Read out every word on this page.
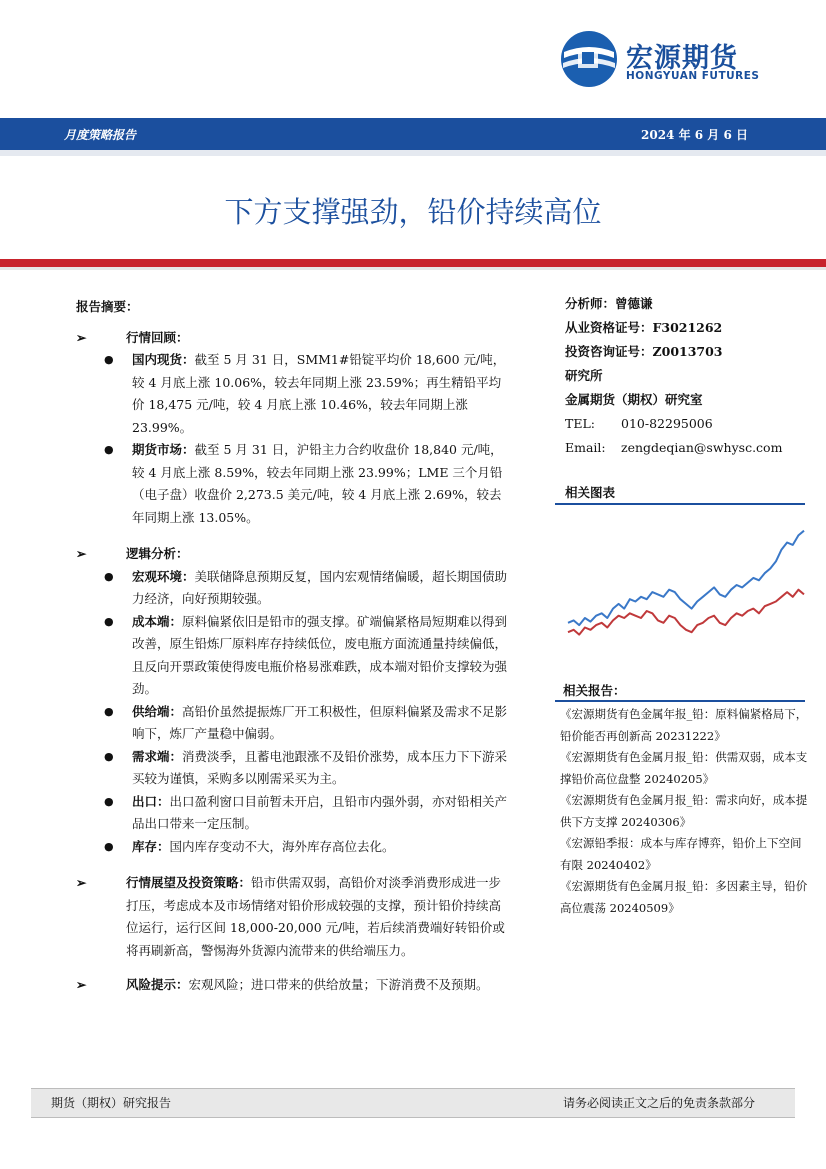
宏源期货
HONGYUAN FUTURES
月度策略报告	2024 年 6 月 6 日
下方支撑强劲，铅价持续高位
报告摘要：
➢	行情回顾：
● 国内现货：截至 5 月 31 日，SMM1#铅锭平均价 18,600 元/吨，较 4 月底上涨 10.06%，较去年同期上涨 23.59%；再生精铅平均价 18,475 元/吨，较 4 月底上涨 10.46%，较去年同期上涨 23.99%。
● 期货市场：截至 5 月 31 日，沪铅主力合约收盘价 18,840 元/吨，较 4 月底上涨 8.59%，较去年同期上涨 23.99%；LME 三个月铅（电子盘）收盘价 2,273.5 美元/吨，较 4 月底上涨 2.69%，较去年同期上涨 13.05%。
➢	逻辑分析：
● 宏观环境：美联储降息预期反复，国内宏观情绪偏暖，超长期国债助力经济，向好预期较强。
● 成本端：原料偏紧依旧是铅市的强支撑。矿端偏紧格局短期难以得到改善，原生铅炼厂原料库存持续低位，废电瓶方面流通量持续偏低，且反向开票政策使得废电瓶价格易涨难跌，成本端对铅价支撑较为强劲。
● 供给端：高铅价虽然提振炼厂开工积极性，但原料偏紧及需求不足影响下，炼厂产量稳中偏弱。
● 需求端：消费淡季，且蓄电池跟涨不及铅价涨势，成本压力下下游采买较为谨慎，采购多以刚需采买为主。
● 出口：出口盈利窗口目前暂未开启，且铅市内强外弱，亦对铅相关产品出口带来一定压制。
● 库存：国内库存变动不大，海外库存高位去化。
➢	行情展望及投资策略：铅市供需双弱，高铅价对淡季消费形成进一步打压，考虑成本及市场情绪对铅价形成较强的支撑，预计铅价持续高位运行，运行区间 18,000-20,000 元/吨，若后续消费端好转铅价或将再刷新高，警惕海外货源内流带来的供给端压力。
➢	风险提示：宏观风险；进口带来的供给放量；下游消费不及预期。
分析师：曾德谦
从业资格证号：F3021262
投资咨询证号：Z0013703
研究所
金属期货（期权）研究室
TEL: 010-82295006
Email: zengdeqian@swhysc.com
相关图表
相关报告：
《宏源期货有色金属年报_铅：原料偏紧格局下，铅价能否再创新高 20231222》
《宏源期货有色金属月报_铅：供需双弱，成本支撑铅价高位盘整 20240205》
《宏源期货有色金属月报_铅：需求向好，成本提供下方支撑 20240306》
《宏源铅季报：成本与库存博弈，铅价上下空间有限 20240402》
《宏源期货有色金属月报_铅：多因素主导，铅价高位震荡 20240509》
期货（期权）研究报告	请务必阅读正文之后的免责条款部分
